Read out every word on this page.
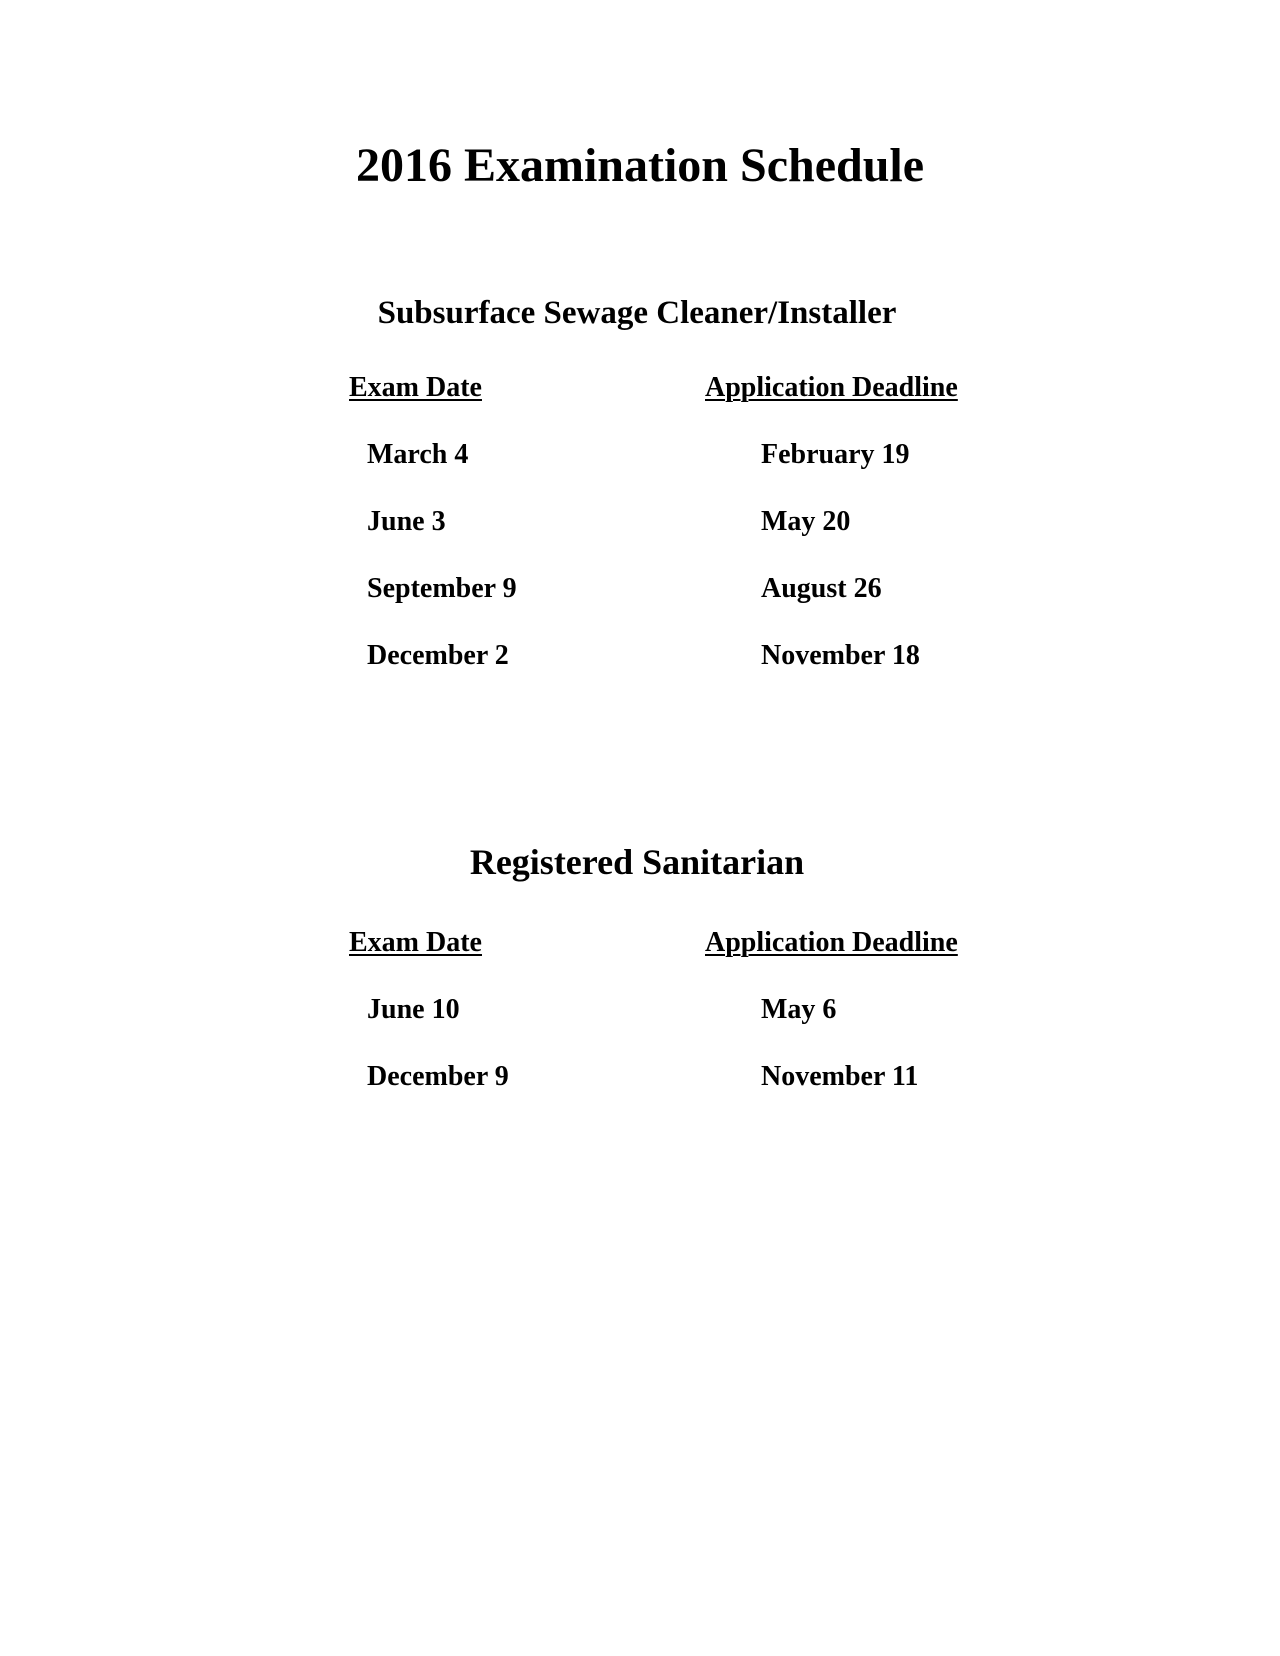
2016 Examination Schedule
Subsurface Sewage Cleaner/Installer
Exam Date	Application Deadline
March 4	February 19
June 3	May 20
September 9	August 26
December 2	November 18
Registered Sanitarian
Exam Date	Application Deadline
June 10	May 6
December 9	November 11
